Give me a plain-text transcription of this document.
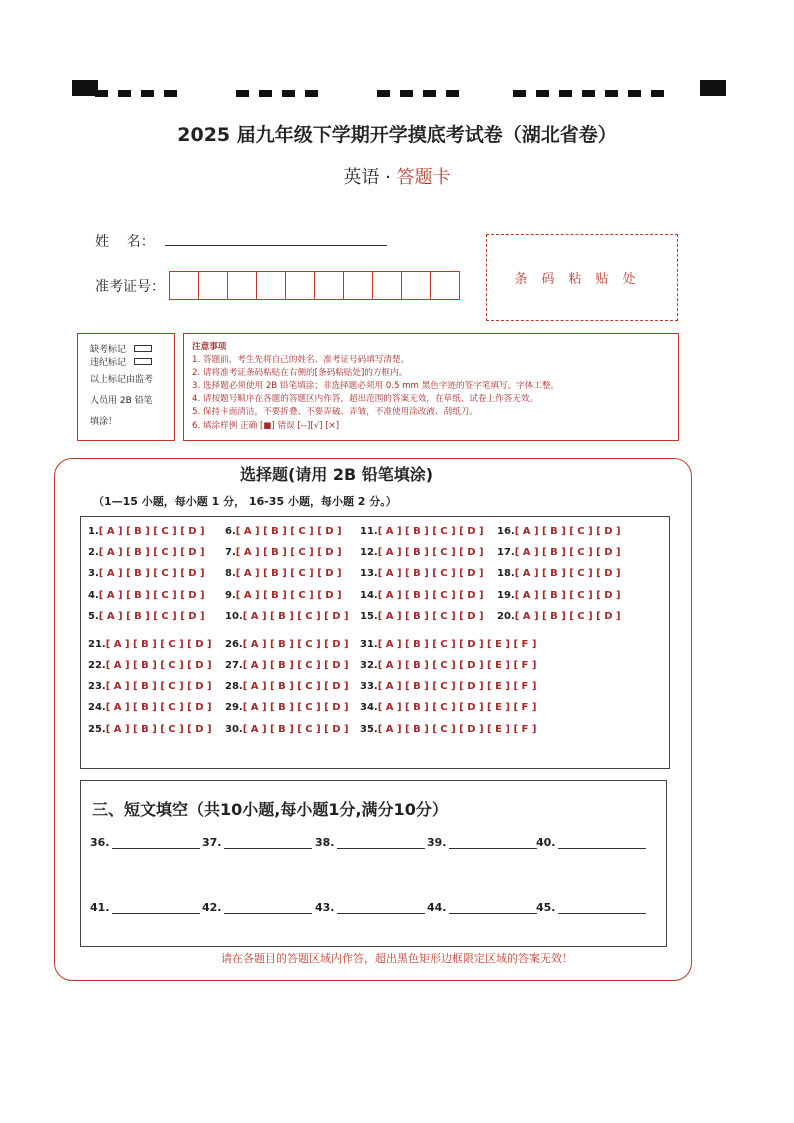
2025 届九年级下学期开学摸底考试卷（湖北省卷）
英语 · 答题卡
姓    名：
准考证号：	条码粘贴处
缺考标记
违纪标记
以上标记由监考
人员用 2B 铅笔
填涂！
注意事项
1. 答题前，考生先将自己的姓名、准考证号码填写清楚。
2. 请将准考证条码粘贴在右侧的[条码粘贴处]的方框内。
3. 选择题必须使用 2B 铅笔填涂；非选择题必须用 0.5 mm 黑色字迹的签字笔填写，字体工整。
4. 请按题号顺序在各题的答题区内作答，超出范围的答案无效，在草纸、试卷上作答无效。
5. 保持卡面清洁，不要折叠、不要弄破、弄皱，不准使用涂改液、刮纸刀。
6. 填涂样例 正确 [■] 错误 [--][√] [×]
选择题(请用 2B 铅笔填涂)
（1—15 小题，每小题 1 分， 16-35 小题，每小题 2 分。）
1.[ A ] [ B ] [ C ] [ D ]
2.[ A ] [ B ] [ C ] [ D ]
3.[ A ] [ B ] [ C ] [ D ]
4.[ A ] [ B ] [ C ] [ D ]
5.[ A ] [ B ] [ C ] [ D ]
6.[ A ] [ B ] [ C ] [ D ]
7.[ A ] [ B ] [ C ] [ D ]
8.[ A ] [ B ] [ C ] [ D ]
9.[ A ] [ B ] [ C ] [ D ]
10.[ A ] [ B ] [ C ] [ D ]
11.[ A ] [ B ] [ C ] [ D ]
12.[ A ] [ B ] [ C ] [ D ]
13.[ A ] [ B ] [ C ] [ D ]
14.[ A ] [ B ] [ C ] [ D ]
15.[ A ] [ B ] [ C ] [ D ]
16.[ A ] [ B ] [ C ] [ D ]
17.[ A ] [ B ] [ C ] [ D ]
18.[ A ] [ B ] [ C ] [ D ]
19.[ A ] [ B ] [ C ] [ D ]
20.[ A ] [ B ] [ C ] [ D ]
21.[ A ] [ B ] [ C ] [ D ]
22.[ A ] [ B ] [ C ] [ D ]
23.[ A ] [ B ] [ C ] [ D ]
24.[ A ] [ B ] [ C ] [ D ]
25.[ A ] [ B ] [ C ] [ D ]
26.[ A ] [ B ] [ C ] [ D ]
27.[ A ] [ B ] [ C ] [ D ]
28.[ A ] [ B ] [ C ] [ D ]
29.[ A ] [ B ] [ C ] [ D ]
30.[ A ] [ B ] [ C ] [ D ]
31.[ A ] [ B ] [ C ] [ D ] [ E ] [ F ]
32.[ A ] [ B ] [ C ] [ D ] [ E ] [ F ]
33.[ A ] [ B ] [ C ] [ D ] [ E ] [ F ]
34.[ A ] [ B ] [ C ] [ D ] [ E ] [ F ]
35.[ A ] [ B ] [ C ] [ D ] [ E ] [ F ]
三、短文填空（共10小题,每小题1分,满分10分）
36.	37.	38.	39.	40.
41.	42.	43.	44.	45.
请在各题目的答题区域内作答，超出黑色矩形边框限定区域的答案无效！
